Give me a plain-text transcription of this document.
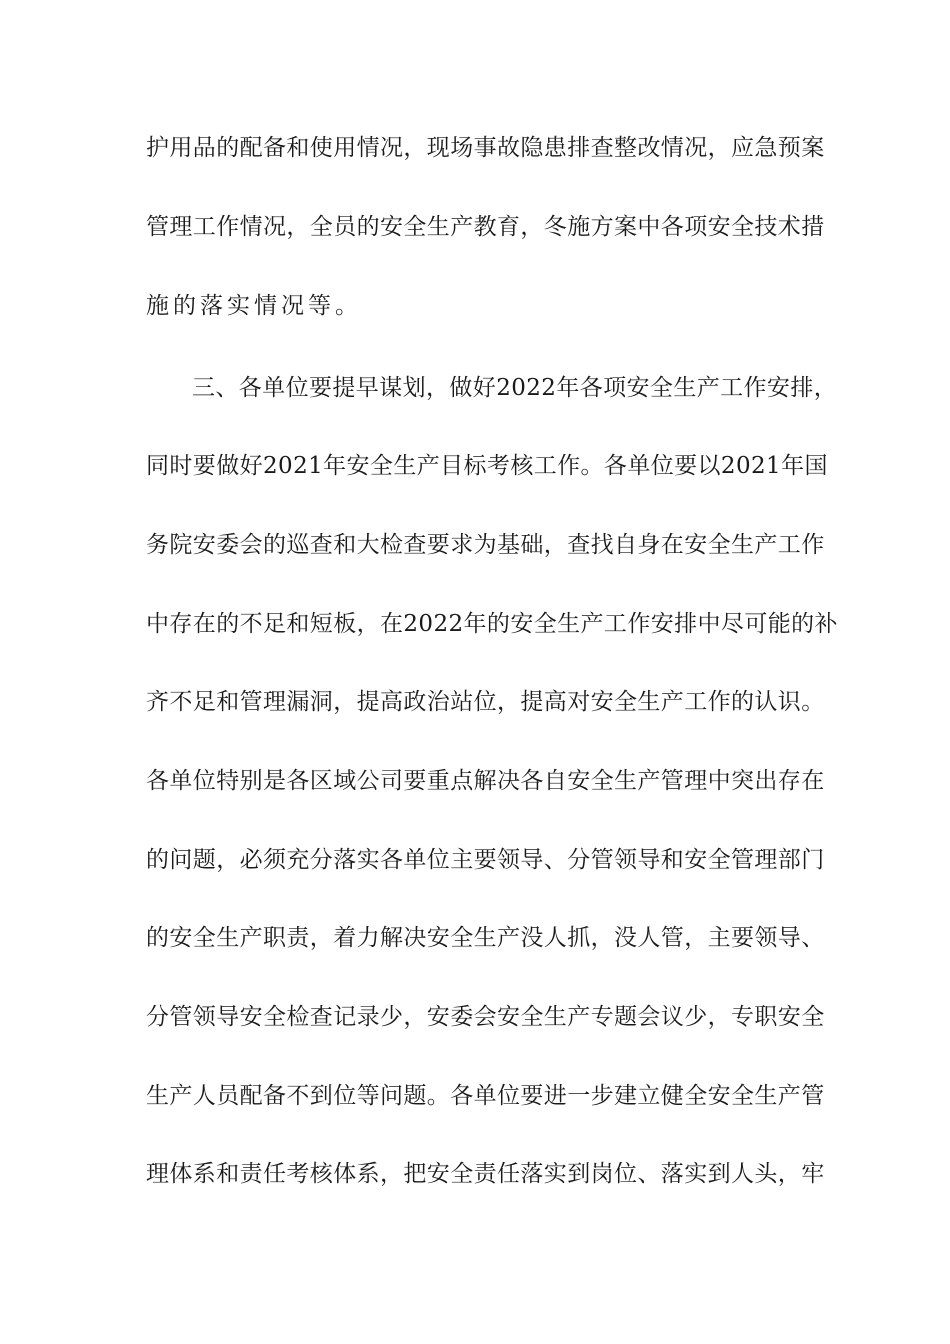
护用品的配备和使用情况，现场事故隐患排查整改情况，应急预案
管理工作情况，全员的安全生产教育，冬施方案中各项安全技术措
施的落实情况等。
三、各单位要提早谋划，做好2022年各项安全生产工作安排，
同时要做好2021年安全生产目标考核工作。各单位要以2021年国
务院安委会的巡查和大检查要求为基础，查找自身在安全生产工作
中存在的不足和短板，在2022年的安全生产工作安排中尽可能的补
齐不足和管理漏洞，提高政治站位，提高对安全生产工作的认识。
各单位特别是各区域公司要重点解决各自安全生产管理中突出存在
的问题，必须充分落实各单位主要领导、分管领导和安全管理部门
的安全生产职责，着力解决安全生产没人抓，没人管，主要领导、
分管领导安全检查记录少，安委会安全生产专题会议少，专职安全
生产人员配备不到位等问题。各单位要进一步建立健全安全生产管
理体系和责任考核体系，把安全责任落实到岗位、落实到人头，牢
